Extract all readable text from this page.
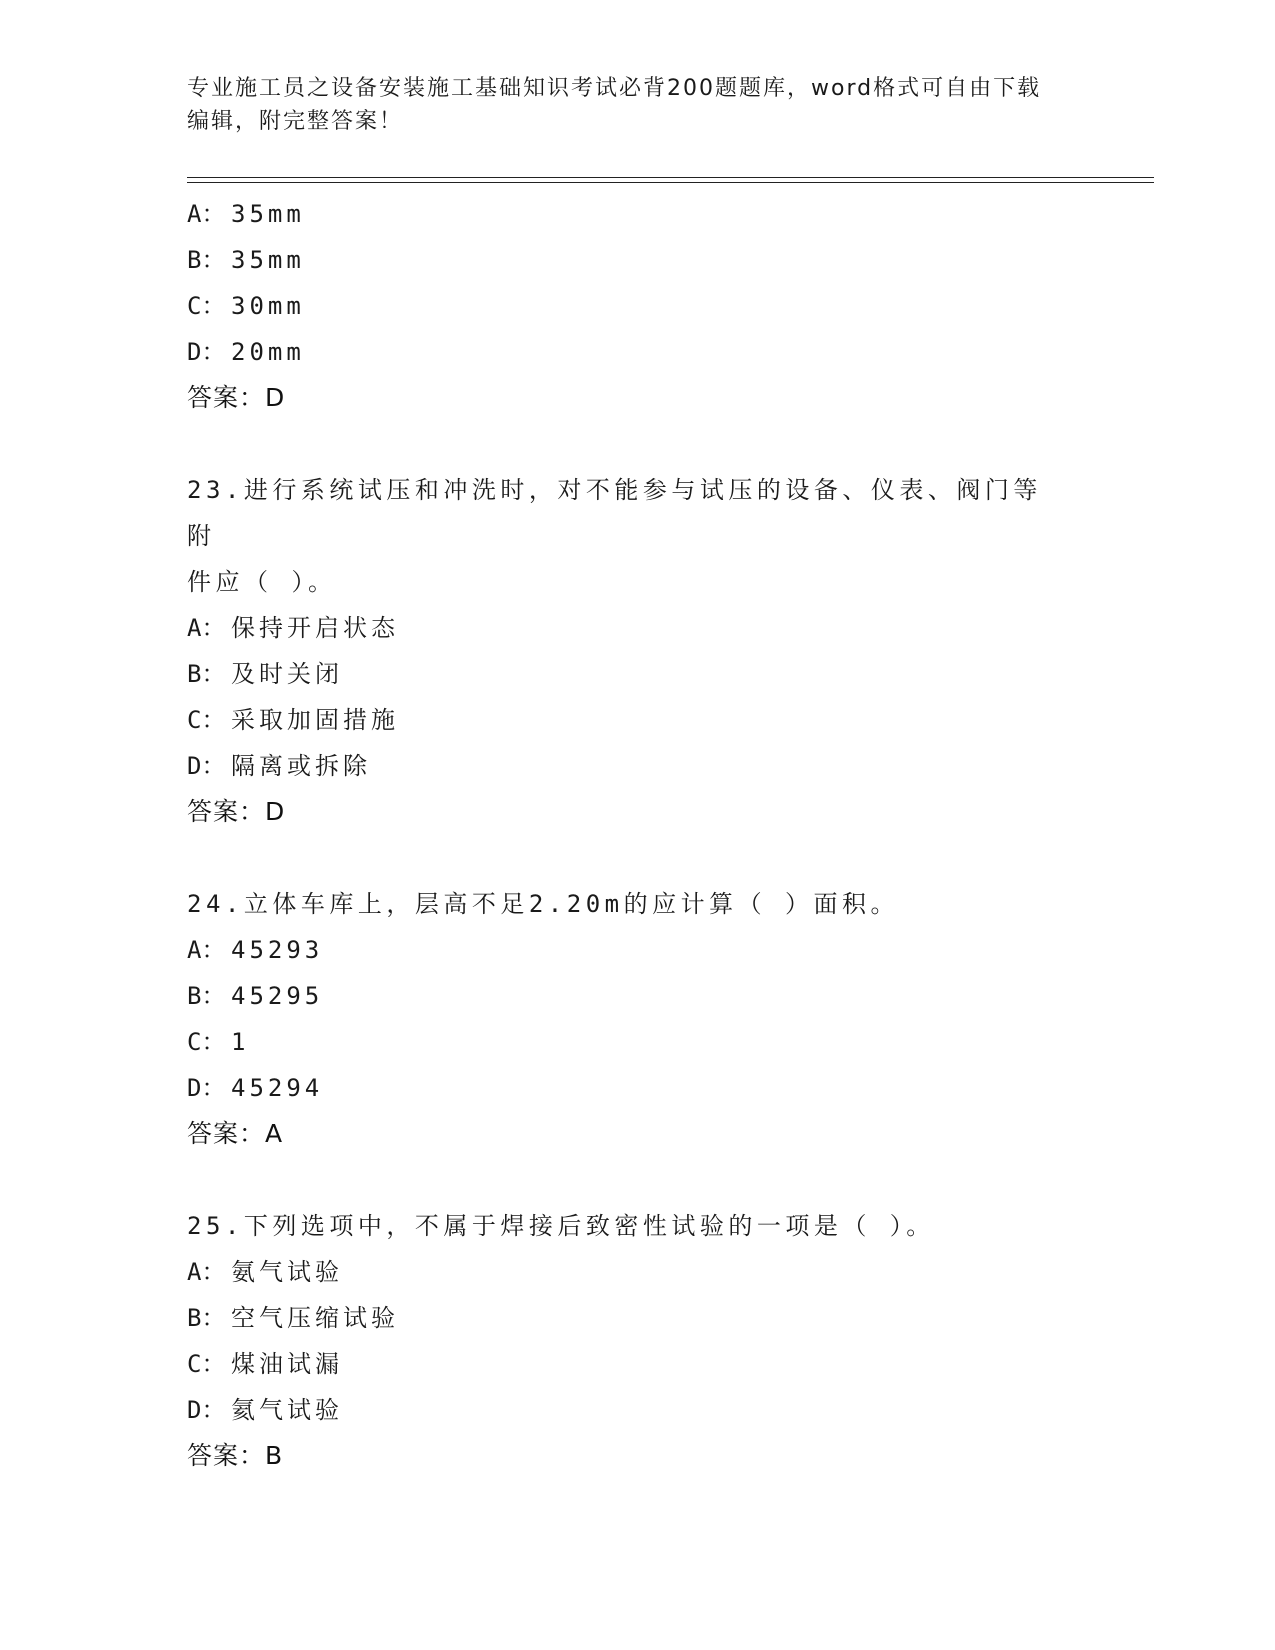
专业施工员之设备安装施工基础知识考试必背200题题库，word格式可自由下载
编辑，附完整答案！
A： 35mm
B： 35mm
C： 30mm
D： 20mm
答案：D
23.进行系统试压和冲洗时，对不能参与试压的设备、仪表、阀门等附
件应（ ）。
A： 保持开启状态
B： 及时关闭
C： 采取加固措施
D： 隔离或拆除
答案：D
24.立体车库上，层高不足2.20m的应计算（ ）面积。
A： 45293
B： 45295
C： 1
D： 45294
答案：A
25.下列选项中，不属于焊接后致密性试验的一项是（ ）。
A： 氨气试验
B： 空气压缩试验
C： 煤油试漏
D： 氦气试验
答案：B
